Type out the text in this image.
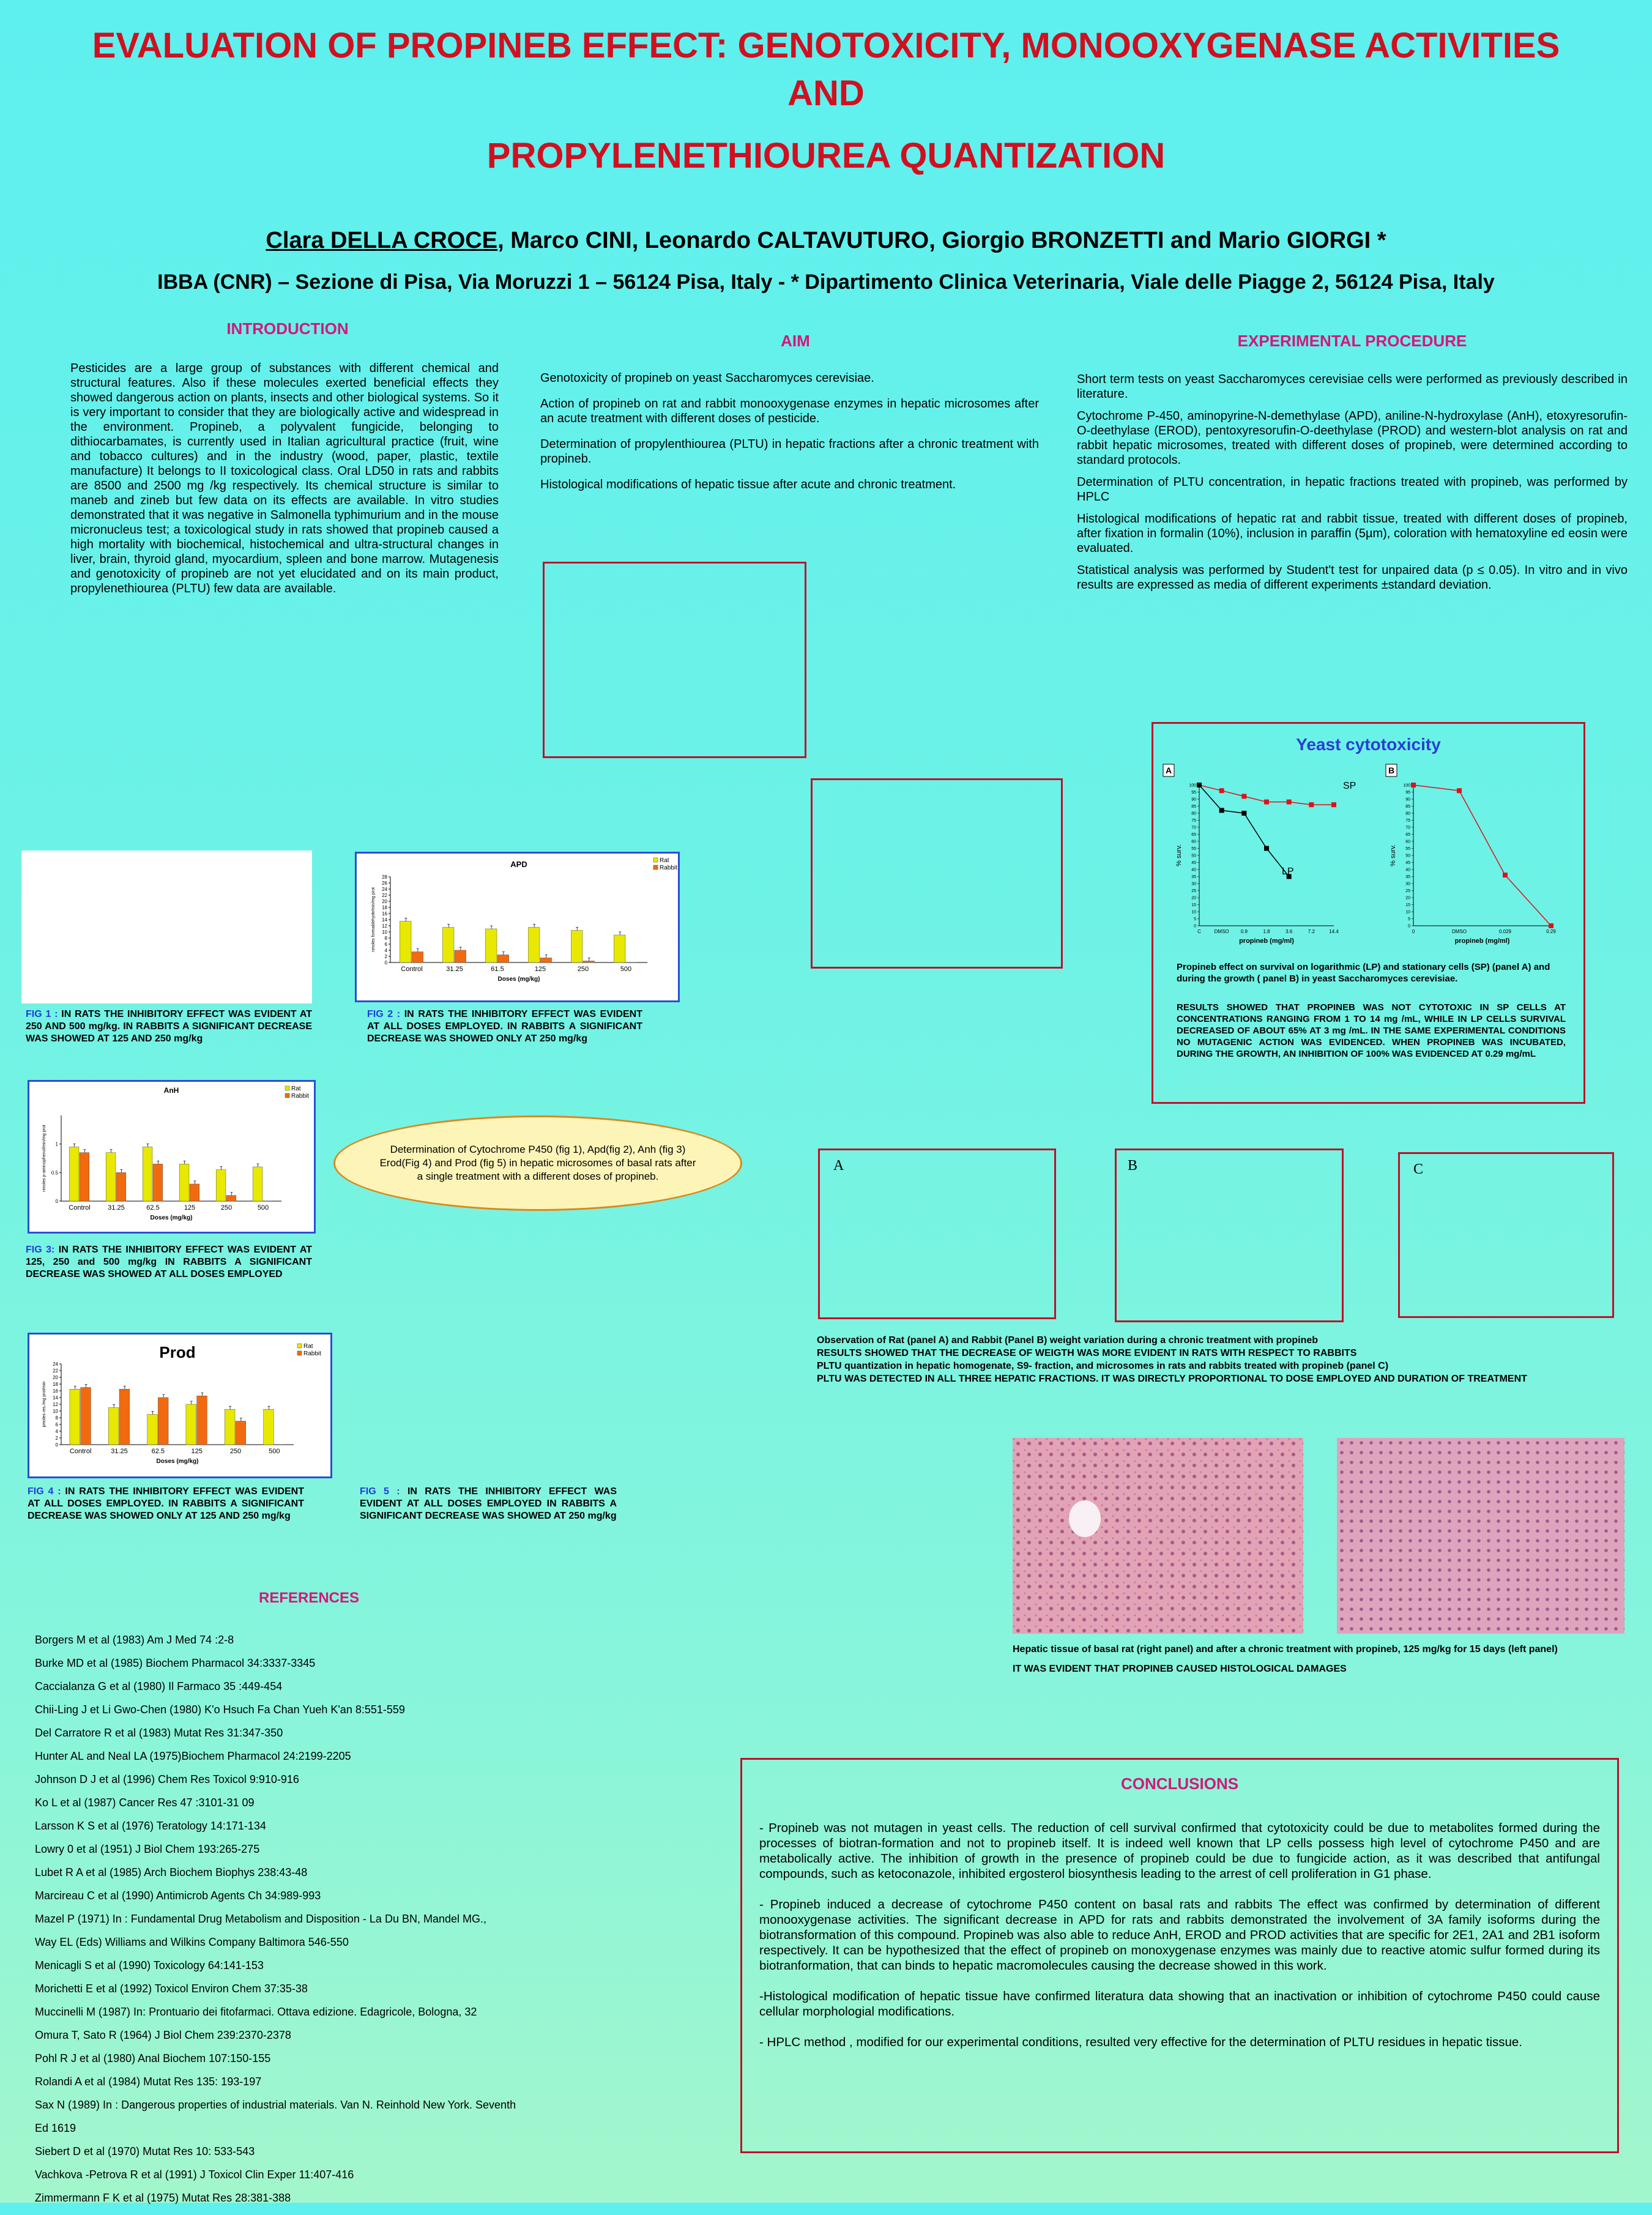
EVALUATION OF PROPINEB EFFECT: GENOTOXICITY, MONOOXYGENASE ACTIVITIES
AND
PROPYLENETHIOUREA QUANTIZATION
Clara DELLA CROCE, Marco CINI, Leonardo CALTAVUTURO, Giorgio BRONZETTI and Mario GIORGI *
IBBA (CNR) – Sezione di Pisa, Via Moruzzi 1 – 56124 Pisa, Italy - * Dipartimento Clinica Veterinaria, Viale delle Piagge 2, 56124 Pisa, Italy
INTRODUCTION
Pesticides are a large group of substances with different chemical and structural features. Also if these molecules exerted beneficial effects they showed dangerous action on plants, insects and other biological systems. So it is very important to consider that they are biologically active and widespread in the environment. Propineb, a polyvalent fungicide, belonging to dithiocarbamates, is currently used in Italian agricultural practice (fruit, wine and tobacco cultures) and in the industry (wood, paper, plastic, textile manufacture) It belongs to II toxicological class. Oral LD50 in rats and rabbits are 8500 and 2500 mg /kg respectively. Its chemical structure is similar to maneb and zineb but few data on its effects are available. In vitro studies demonstrated that it was negative in Salmonella typhimurium and in the mouse micronucleus test; a toxicological study in rats showed that propineb caused a high mortality with biochemical, histochemical and ultra-structural changes in liver, brain, thyroid gland, myocardium, spleen and bone marrow. Mutagenesis and genotoxicity of propineb are not yet elucidated and on its main product, propylenethiourea (PLTU) few data are available.
AIM

Genotoxicity of propineb on yeast Saccharomyces cerevisiae.

Action of propineb on rat and rabbit monooxygenase enzymes in hepatic microsomes after an acute treatment with different doses of pesticide.

Determination of propylenthiourea (PLTU) in hepatic fractions after a chronic treatment with propineb.

Histological modifications of hepatic tissue after acute and chronic treatment.

EXPERIMENTAL PROCEDURE

Short term tests on yeast Saccharomyces cerevisiae cells were performed as previously described in literature.

Cytochrome P-450, aminopyrine-N-demethylase (APD), aniline-N-hydroxylase (AnH), etoxyresorufin-O-deethylase (EROD), pentoxyresorufin-O-deethylase (PROD) and western-blot analysis on rat and rabbit hepatic microsomes, treated with different doses of propineb, were determined according to standard protocols.

Determination of PLTU concentration, in hepatic fractions treated with propineb, was performed by HPLC

Histological modifications of hepatic rat and rabbit tissue, treated with different doses of propineb, after fixation in formalin (10%), inclusion in paraffin (5µm), coloration with hematoxyline ed eosin were evaluated.

Statistical analysis was performed by Student't test for unpaired data (p ≤ 0.05). In vitro and in vivo results are expressed as media of different experiments ±standard deviation.

Yeast cytotoxicity
0
5
10
15
20
25
30
35
40
45
50
55
60
65
70
75
80
85
90
95
100
% surv.
C	DMSO 0.9	1.8	3.6	7.2	14.4
propineb (mg/ml)
A
SP
LP
0
5
10
15
20
25
30
35
40
45
50
55
60
65
70
75
80
85
90
95
100
% surv.
0	DMSO	0.029	0.29
propineb (mg/ml)
B
Propineb effect on survival on logarithmic (LP) and stationary cells (SP) (panel A) and during the growth ( panel B) in yeast Saccharomyces cerevisiae.
RESULTS SHOWED THAT PROPINEB WAS NOT CYTOTOXIC IN SP CELLS AT CONCENTRATIONS RANGING FROM 1 TO 14 mg /mL, WHILE IN LP CELLS SURVIVAL DECREASED OF ABOUT 65% AT 3 mg /mL. IN THE SAME EXPERIMENTAL CONDITIONS NO MUTAGENIC ACTION WAS EVIDENCED. WHEN PROPINEB WAS INCUBATED, DURING THE GROWTH, AN INHIBITION OF 100% WAS EVIDENCED AT 0.29 mg/mL
FIG 1 : IN RATS THE INHIBITORY EFFECT WAS EVIDENT AT 250 AND 500 mg/kg. IN RABBITS A SIGNIFICANT DECREASE WAS SHOWED AT 125 AND 250 mg/kg
APD	Rat
Rabbit
0
2
4
6
8
10
12
14
16
18
20
22
24
26
28
nmoles formaldehyde/min/mg prot
Control	31.25	61.5	125	250	500
Doses (mg/kg)
FIG 2 : IN RATS THE INHIBITORY EFFECT WAS EVIDENT AT ALL DOSES EMPLOYED. IN RABBITS A SIGNIFICANT DECREASE WAS SHOWED ONLY AT 250 mg/kg
AnH	Rat
Rabbit
0
0.5
1
nmoles p-aminophenol/min/mg prot
Control	31.25	62.5	125	250	500
Doses (mg/kg)
FIG 3: IN RATS THE INHIBITORY EFFECT WAS EVIDENT AT 125, 250 and 500 mg/kg IN RABBITS A SIGNIFICANT DECREASE WAS SHOWED AT ALL DOSES EMPLOYED
Determination of Cytochrome P450 (fig 1), Apd(fig 2), Anh (fig 3) Erod(Fig 4) and Prod (fig 5) in hepatic microsomes of basal rats after a single treatment with a different doses of propineb.
Prod	Rat
Rabbit
0
2
4
6
8
10
12
14
16
18
20
22
24
pmoles res./mg prot/min
Control	31.25	62.5	125	250	500
Doses (mg/kg)
FIG 4 : IN RATS THE INHIBITORY EFFECT WAS EVIDENT AT ALL DOSES EMPLOYED. IN RABBITS A SIGNIFICANT DECREASE WAS SHOWED ONLY AT 125 AND 250 mg/kg
FIG 5 : IN RATS THE INHIBITORY EFFECT WAS EVIDENT AT ALL DOSES EMPLOYED IN RABBITS A SIGNIFICANT DECREASE WAS SHOWED AT 250 mg/kg
A	B	C
Observation of Rat (panel A) and Rabbit (Panel B) weight variation during a chronic treatment with propineb
RESULTS SHOWED THAT THE DECREASE OF WEIGTH WAS MORE EVIDENT IN RATS WITH RESPECT TO RABBITS
PLTU quantization in hepatic homogenate, S9- fraction, and microsomes in rats and rabbits treated with propineb (panel C)
PLTU WAS DETECTED IN ALL THREE HEPATIC FRACTIONS. IT WAS DIRECTLY PROPORTIONAL TO DOSE EMPLOYED AND DURATION OF TREATMENT
Hepatic tissue of basal rat (right panel) and after a chronic treatment with propineb, 125 mg/kg for 15 days (left panel)
IT WAS EVIDENT THAT PROPINEB CAUSED HISTOLOGICAL DAMAGES
REFERENCES
Borgers M et al (1983) Am J Med 74 :2-8
Burke MD et al (1985) Biochem Pharmacol 34:3337-3345
Caccialanza G et al (1980) Il Farmaco 35 :449-454
Chii-Ling J et Li Gwo-Chen (1980) K'o Hsuch Fa Chan Yueh K'an 8:551-559
Del Carratore R et al (1983) Mutat Res 31:347-350
Hunter AL and Neal LA (1975)Biochem Pharmacol 24:2199-2205
Johnson D J et al (1996) Chem Res Toxicol 9:910-916
Ko L et al (1987) Cancer Res 47 :3101-31 09
Larsson K S et al (1976) Teratology 14:171-134
Lowry 0 et al (1951) J Biol Chem 193:265-275
Lubet R A et al (1985) Arch Biochem Biophys 238:43-48
Marcireau C et al (1990) Antimicrob Agents Ch 34:989-993
Mazel P (1971) In : Fundamental Drug Metabolism and Disposition - La Du BN, Mandel MG.,
Way EL (Eds) Williams and Wilkins Company Baltimora 546-550
Menicagli S et al (1990) Toxicology 64:141-153
Morichetti E et al (1992) Toxicol Environ Chem 37:35-38
Muccinelli M (1987) In: Prontuario dei fitofarmaci. Ottava edizione. Edagricole, Bologna, 32
Omura T, Sato R (1964) J Biol Chem 239:2370-2378
Pohl R J et al (1980) Anal Biochem 107:150-155
Rolandi A et al (1984) Mutat Res 135: 193-197
Sax N (1989) In : Dangerous properties of industrial materials. Van N. Reinhold New York. Seventh
Ed 1619
Siebert D et al (1970) Mutat Res 10: 533-543
Vachkova -Petrova R et al (1991) J Toxicol Clin Exper 11:407-416
Zimmermann F K et al (1975) Mutat Res 28:381-388
CONCLUSIONS

- Propineb was not mutagen in yeast cells. The reduction of cell survival confirmed that cytotoxicity could be due to metabolites formed during the processes of biotran-formation and not to propineb itself. It is indeed well known that LP cells possess high level of cytochrome P450 and are metabolically active. The inhibition of growth in the presence of propineb could be due to fungicide action, as it was described that antifungal compounds, such as ketoconazole, inhibited ergosterol biosynthesis leading to the arrest of cell proliferation in G1 phase.

- Propineb induced a decrease of cytochrome P450 content on basal rats and rabbits The effect was confirmed by determination of different monooxygenase activities. The significant decrease in APD for rats and rabbits demonstrated the involvement of 3A family isoforms during the biotransformation of this compound. Propineb was also able to reduce AnH, EROD and PROD activities that are specific for 2E1, 2A1 and 2B1 isoform respectively. It can be hypothesized that the effect of propineb on monoxygenase enzymes was mainly due to reactive atomic sulfur formed during its biotranformation, that can binds to hepatic macromolecules causing the decrease showed in this work.

-Histological modification of hepatic tissue have confirmed literatura data showing that an inactivation or inhibition of cytochrome P450 could cause cellular morphologial modifications.

- HPLC method , modified for our experimental conditions, resulted very effective for the determination of PLTU residues in hepatic tissue.
